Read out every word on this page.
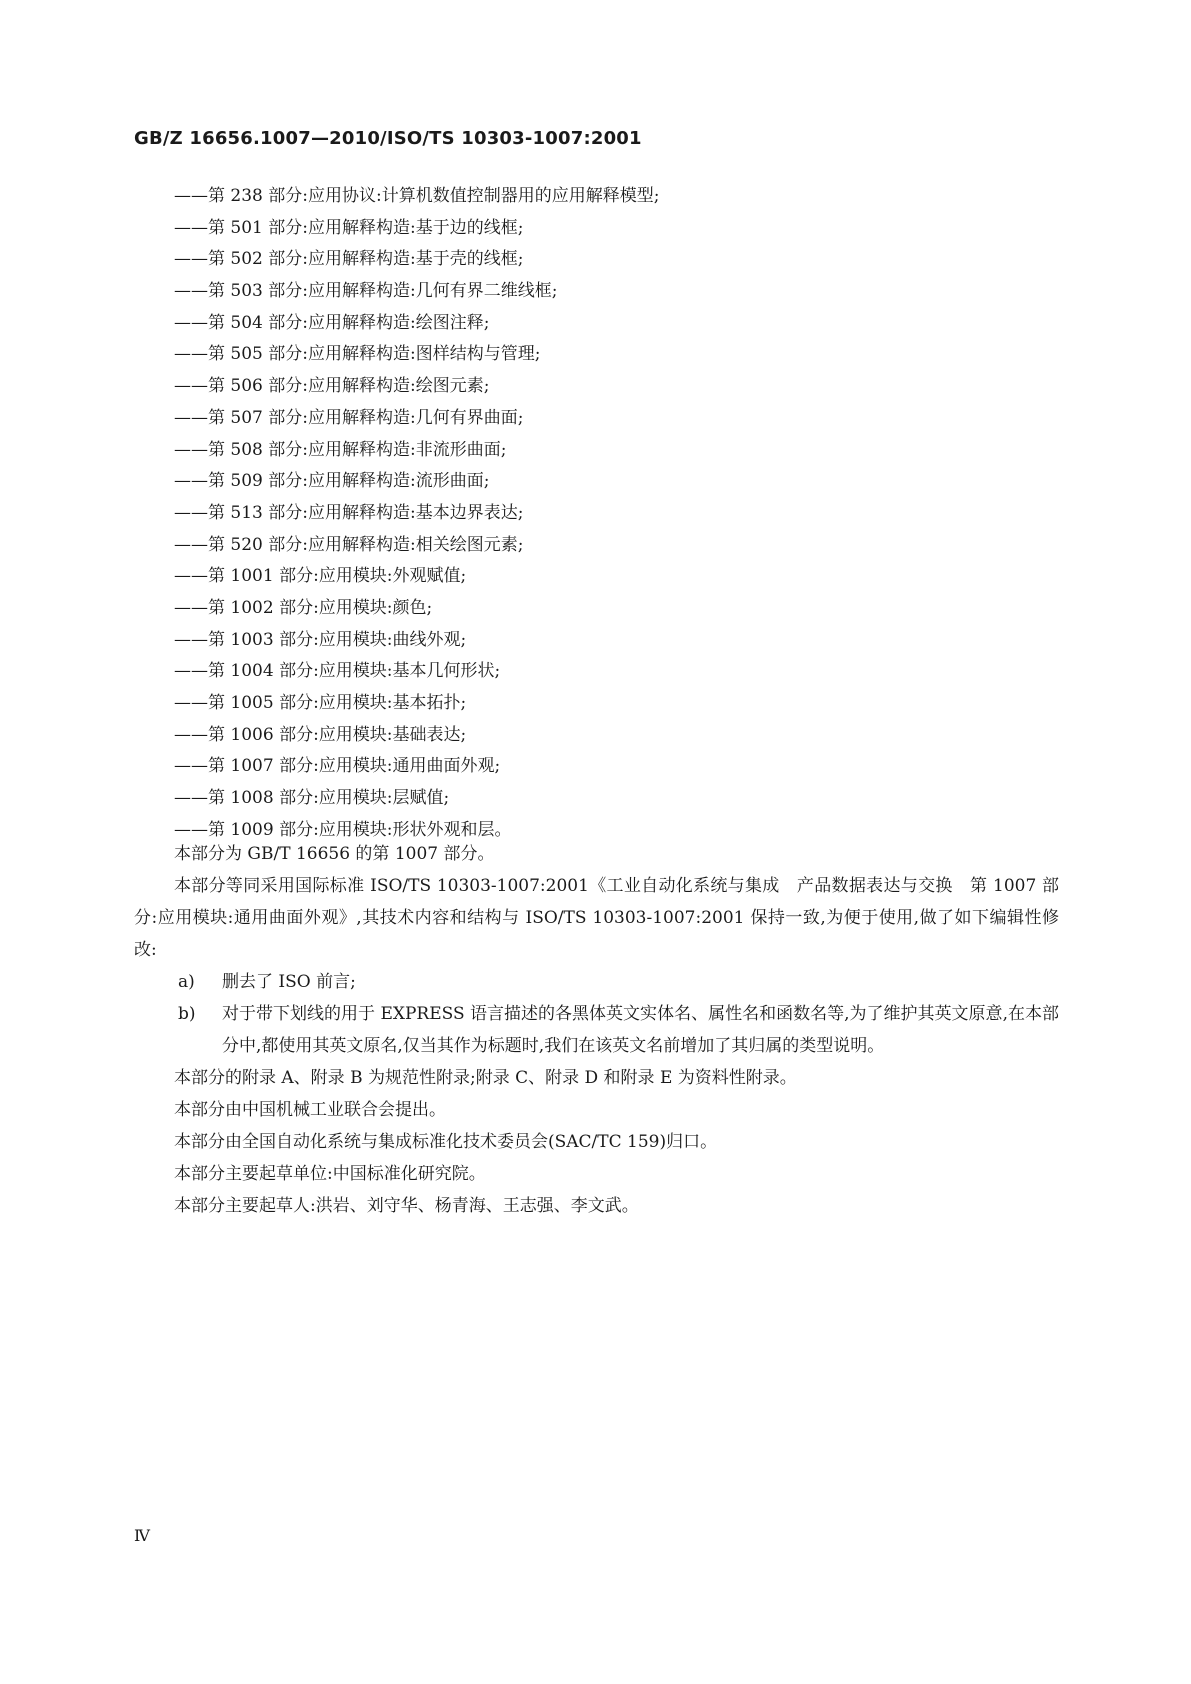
GB/Z 16656.1007—2010/ISO/TS 10303-1007:2001
——第 238 部分:应用协议:计算机数值控制器用的应用解释模型;
——第 501 部分:应用解释构造:基于边的线框;
——第 502 部分:应用解释构造:基于壳的线框;
——第 503 部分:应用解释构造:几何有界二维线框;
——第 504 部分:应用解释构造:绘图注释;
——第 505 部分:应用解释构造:图样结构与管理;
——第 506 部分:应用解释构造:绘图元素;
——第 507 部分:应用解释构造:几何有界曲面;
——第 508 部分:应用解释构造:非流形曲面;
——第 509 部分:应用解释构造:流形曲面;
——第 513 部分:应用解释构造:基本边界表达;
——第 520 部分:应用解释构造:相关绘图元素;
——第 1001 部分:应用模块:外观赋值;
——第 1002 部分:应用模块:颜色;
——第 1003 部分:应用模块:曲线外观;
——第 1004 部分:应用模块:基本几何形状;
——第 1005 部分:应用模块:基本拓扑;
——第 1006 部分:应用模块:基础表达;
——第 1007 部分:应用模块:通用曲面外观;
——第 1008 部分:应用模块:层赋值;
——第 1009 部分:应用模块:形状外观和层。

本部分为 GB/T 16656 的第 1007 部分。

本部分等同采用国际标准 ISO/TS 10303-1007:2001《工业自动化系统与集成　产品数据表达与交换　第 1007 部分:应用模块:通用曲面外观》,其技术内容和结构与 ISO/TS 10303-1007:2001 保持一致,为便于使用,做了如下编辑性修改:

a)	删去了 ISO 前言;
b)	对于带下划线的用于 EXPRESS 语言描述的各黑体英文实体名、属性名和函数名等,为了维护其英文原意,在本部分中,都使用其英文原名,仅当其作为标题时,我们在该英文名前增加了其归属的类型说明。

本部分的附录 A、附录 B 为规范性附录;附录 C、附录 D 和附录 E 为资料性附录。

本部分由中国机械工业联合会提出。

本部分由全国自动化系统与集成标准化技术委员会(SAC/TC 159)归口。

本部分主要起草单位:中国标准化研究院。

本部分主要起草人:洪岩、刘守华、杨青海、王志强、李文武。

Ⅳ
